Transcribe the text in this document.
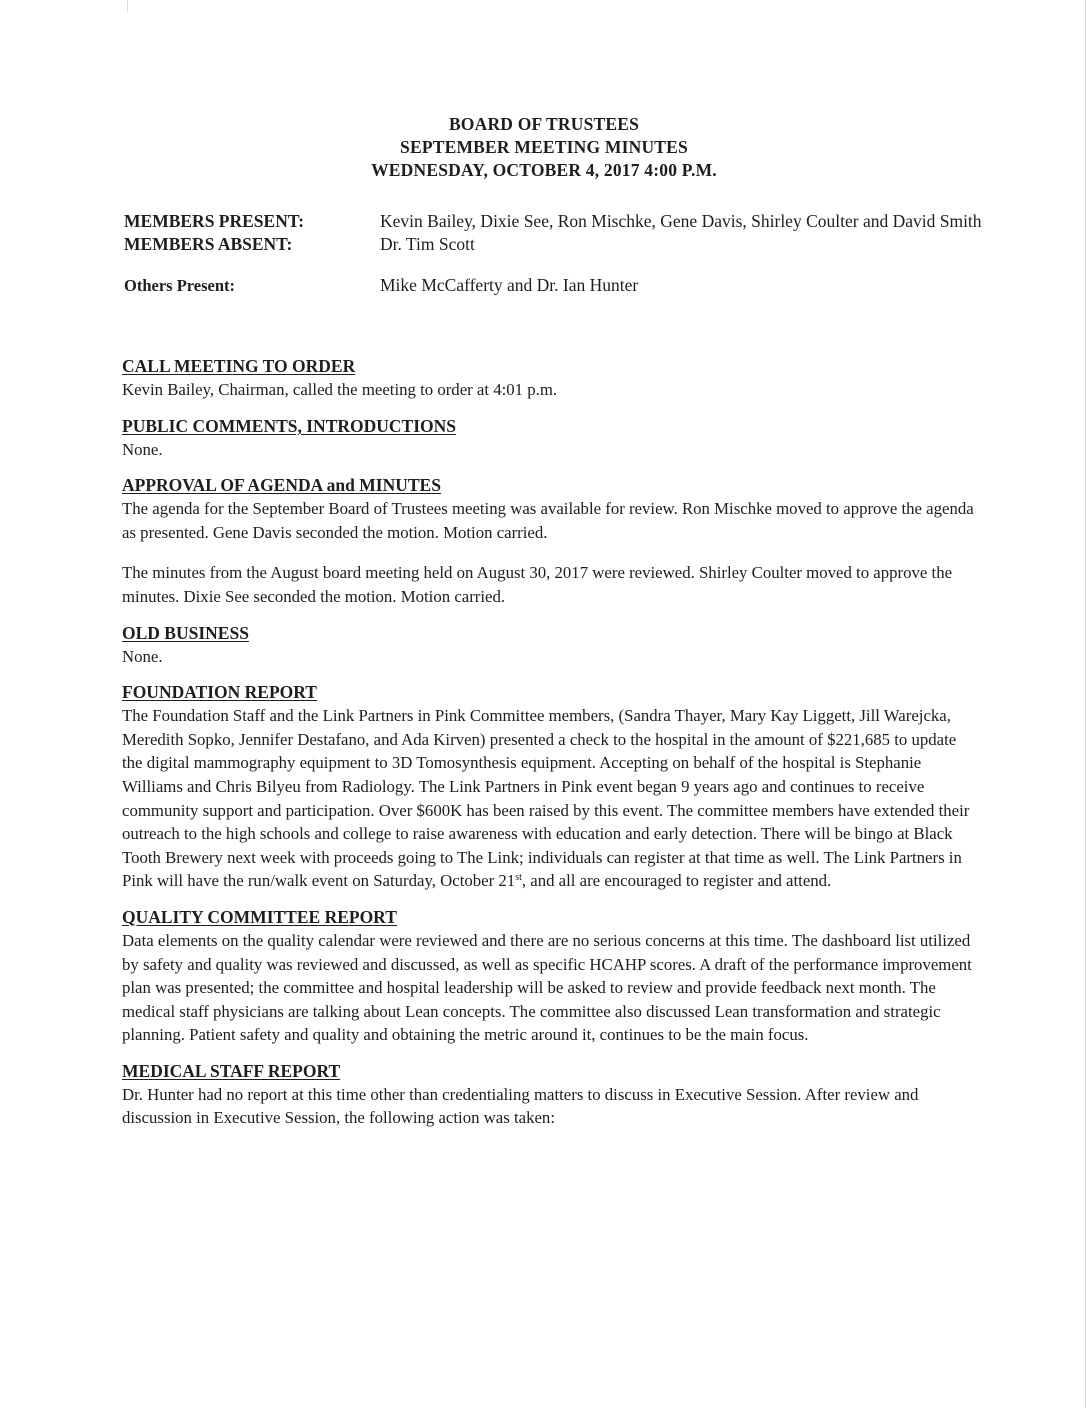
BOARD OF TRUSTEES
SEPTEMBER MEETING MINUTES
WEDNESDAY, OCTOBER 4, 2017 4:00 P.M.
MEMBERS PRESENT:	Kevin Bailey, Dixie See, Ron Mischke, Gene Davis, Shirley Coulter and David Smith
MEMBERS ABSENT:	Dr. Tim Scott
Others Present:	Mike McCafferty and Dr. Ian Hunter
CALL MEETING TO ORDER

Kevin Bailey, Chairman, called the meeting to order at 4:01 p.m.

PUBLIC COMMENTS, INTRODUCTIONS

None.

APPROVAL OF AGENDA and MINUTES

The agenda for the September Board of Trustees meeting was available for review. Ron Mischke moved to approve the agenda as presented. Gene Davis seconded the motion. Motion carried.

The minutes from the August board meeting held on August 30, 2017 were reviewed. Shirley Coulter moved to approve the minutes. Dixie See seconded the motion. Motion carried.

OLD BUSINESS

None.

FOUNDATION REPORT

The Foundation Staff and the Link Partners in Pink Committee members, (Sandra Thayer, Mary Kay Liggett, Jill Warejcka, Meredith Sopko, Jennifer Destafano, and Ada Kirven) presented a check to the hospital in the amount of $221,685 to update the digital mammography equipment to 3D Tomosynthesis equipment. Accepting on behalf of the hospital is Stephanie Williams and Chris Bilyeu from Radiology. The Link Partners in Pink event began 9 years ago and continues to receive community support and participation. Over $600K has been raised by this event. The committee members have extended their outreach to the high schools and college to raise awareness with education and early detection. There will be bingo at Black Tooth Brewery next week with proceeds going to The Link; individuals can register at that time as well. The Link Partners in Pink will have the run/walk event on Saturday, October 21st, and all are encouraged to register and attend.

QUALITY COMMITTEE REPORT

Data elements on the quality calendar were reviewed and there are no serious concerns at this time. The dashboard list utilized by safety and quality was reviewed and discussed, as well as specific HCAHP scores. A draft of the performance improvement plan was presented; the committee and hospital leadership will be asked to review and provide feedback next month. The medical staff physicians are talking about Lean concepts. The committee also discussed Lean transformation and strategic planning. Patient safety and quality and obtaining the metric around it, continues to be the main focus.

MEDICAL STAFF REPORT

Dr. Hunter had no report at this time other than credentialing matters to discuss in Executive Session. After review and discussion in Executive Session, the following action was taken:
